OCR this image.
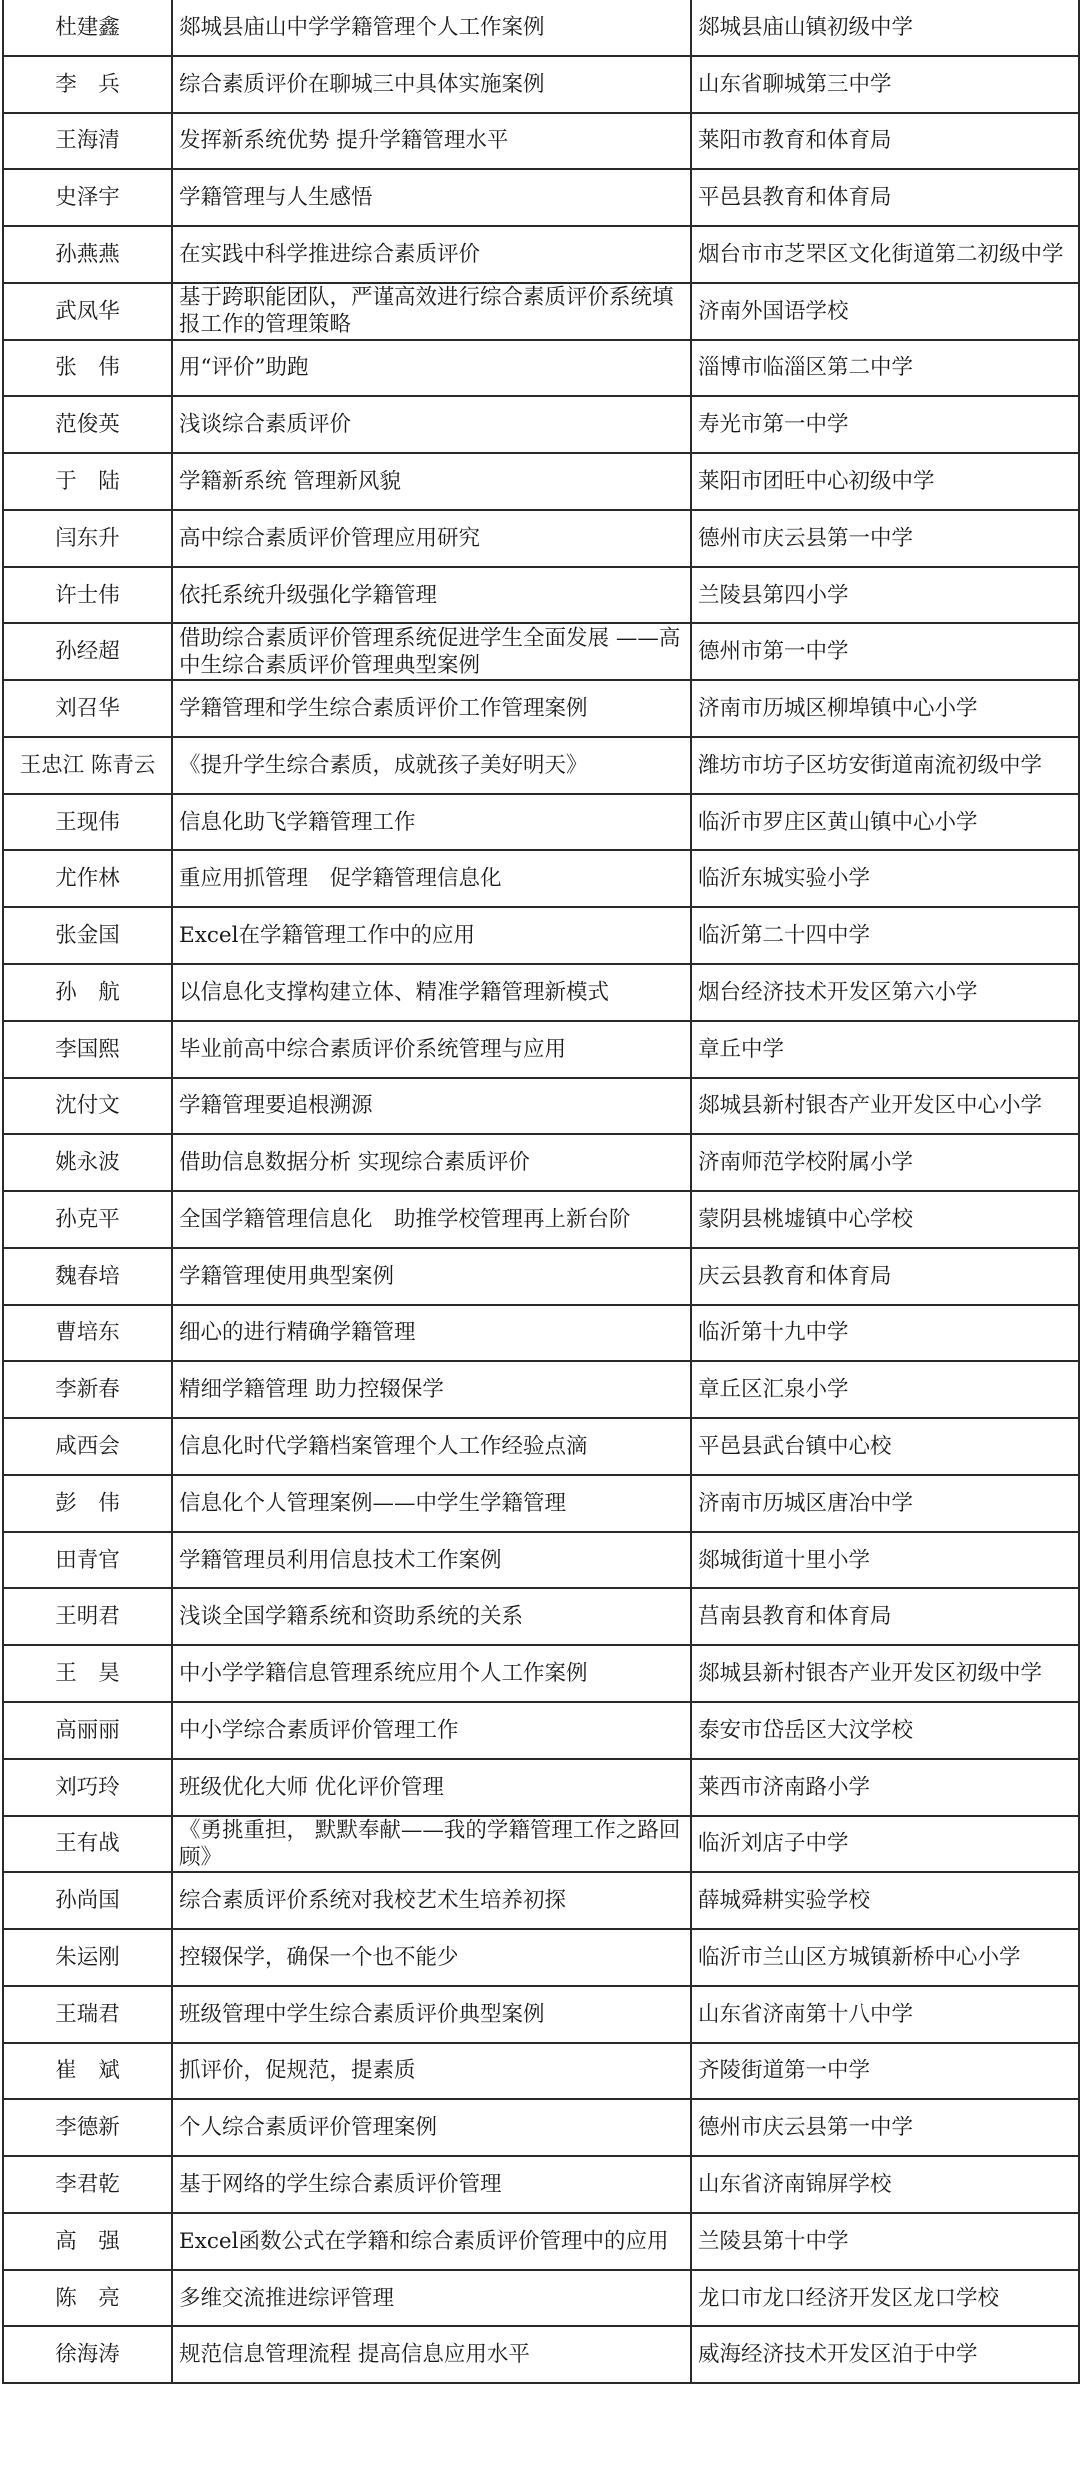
杜建鑫	郯城县庙山中学学籍管理个人工作案例	郯城县庙山镇初级中学
李　兵	综合素质评价在聊城三中具体实施案例	山东省聊城第三中学
王海清	发挥新系统优势 提升学籍管理水平	莱阳市教育和体育局
史泽宇	学籍管理与人生感悟	平邑县教育和体育局
孙燕燕	在实践中科学推进综合素质评价	烟台市市芝罘区文化街道第二初级中学
武凤华	基于跨职能团队，严谨高效进行综合素质评价系统填报工作的管理策略	济南外国语学校
张　伟	用“评价”助跑	淄博市临淄区第二中学
范俊英	浅谈综合素质评价	寿光市第一中学
于　陆	学籍新系统 管理新风貌	莱阳市团旺中心初级中学
闫东升	高中综合素质评价管理应用研究	德州市庆云县第一中学
许士伟	依托系统升级强化学籍管理	兰陵县第四小学
孙经超	借助综合素质评价管理系统促进学生全面发展 ——高中生综合素质评价管理典型案例	德州市第一中学
刘召华	学籍管理和学生综合素质评价工作管理案例	济南市历城区柳埠镇中心小学
王忠江 陈青云	《提升学生综合素质，成就孩子美好明天》	潍坊市坊子区坊安街道南流初级中学
王现伟	信息化助飞学籍管理工作	临沂市罗庄区黄山镇中心小学
尤作林	重应用抓管理　促学籍管理信息化	临沂东城实验小学
张金国	Excel在学籍管理工作中的应用	临沂第二十四中学
孙　航	以信息化支撑构建立体、精准学籍管理新模式	烟台经济技术开发区第六小学
李国熙	毕业前高中综合素质评价系统管理与应用	章丘中学
沈付文	学籍管理要追根溯源	郯城县新村银杏产业开发区中心小学
姚永波	借助信息数据分析 实现综合素质评价	济南师范学校附属小学
孙克平	全国学籍管理信息化　助推学校管理再上新台阶	蒙阴县桃墟镇中心学校
魏春培	学籍管理使用典型案例	庆云县教育和体育局
曹培东	细心的进行精确学籍管理	临沂第十九中学
李新春	精细学籍管理 助力控辍保学	章丘区汇泉小学
咸西会	信息化时代学籍档案管理个人工作经验点滴	平邑县武台镇中心校
彭　伟	信息化个人管理案例——中学生学籍管理	济南市历城区唐冶中学
田青官	学籍管理员利用信息技术工作案例	郯城街道十里小学
王明君	浅谈全国学籍系统和资助系统的关系	莒南县教育和体育局
王　昊	中小学学籍信息管理系统应用个人工作案例	郯城县新村银杏产业开发区初级中学
高丽丽	中小学综合素质评价管理工作	泰安市岱岳区大汶学校
刘巧玲	班级优化大师 优化评价管理	莱西市济南路小学
王有战	《勇挑重担， 默默奉献——我的学籍管理工作之路回顾》	临沂刘店子中学
孙尚国	综合素质评价系统对我校艺术生培养初探	薛城舜耕实验学校
朱运刚	控辍保学，确保一个也不能少	临沂市兰山区方城镇新桥中心小学
王瑞君	班级管理中学生综合素质评价典型案例	山东省济南第十八中学
崔　斌	抓评价，促规范，提素质	齐陵街道第一中学
李德新	个人综合素质评价管理案例	德州市庆云县第一中学
李君乾	基于网络的学生综合素质评价管理	山东省济南锦屏学校
高　强	Excel函数公式在学籍和综合素质评价管理中的应用	兰陵县第十中学
陈　亮	多维交流推进综评管理	龙口市龙口经济开发区龙口学校
徐海涛	规范信息管理流程 提高信息应用水平	威海经济技术开发区泊于中学
